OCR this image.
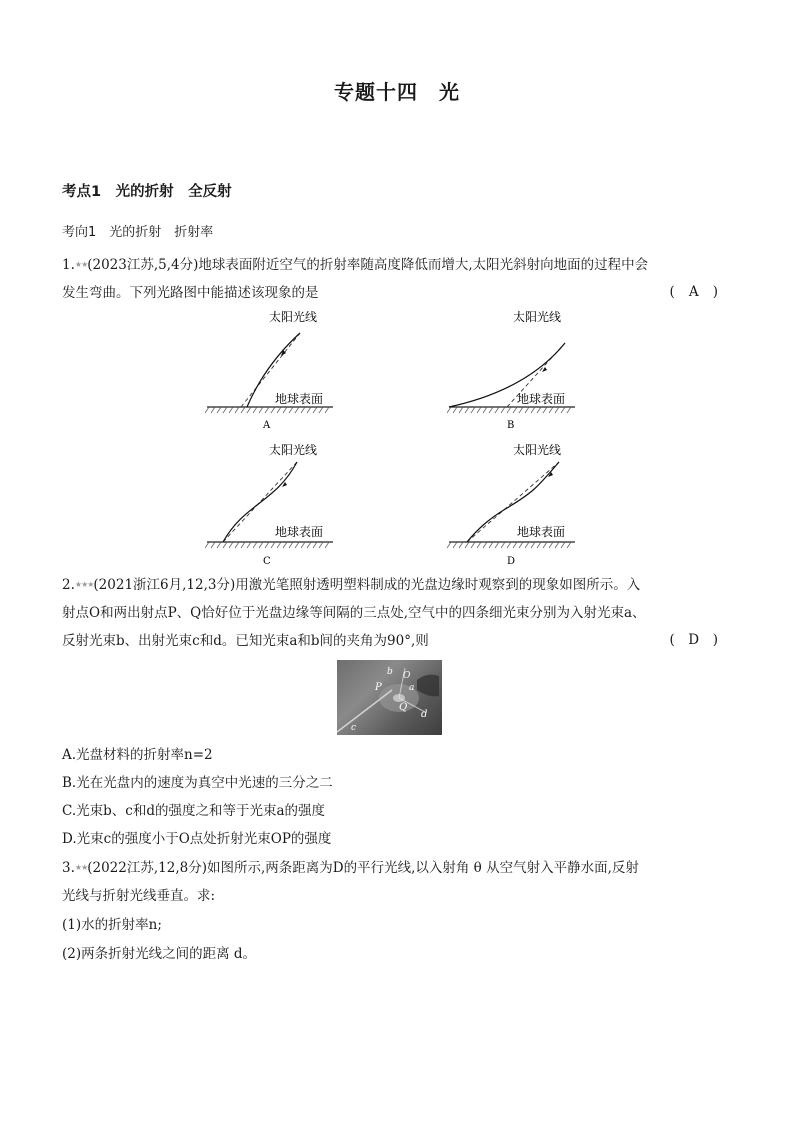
专题十四　光
考点1　光的折射　全反射
考向1　光的折射　折射率
1.★★(2023江苏,5,4分)地球表面附近空气的折射率随高度降低而增大,太阳光斜射向地面的过程中会
发生弯曲。下列光路图中能描述该现象的是	( A )
太阳光线
地球表面
A
太阳光线
地球表面
B
太阳光线
地球表面
C
太阳光线
地球表面
D
2.★★★(2021浙江6月,12,3分)用激光笔照射透明塑料制成的光盘边缘时观察到的现象如图所示。入
射点O和两出射点P、Q恰好位于光盘边缘等间隔的三点处,空气中的四条细光束分别为入射光束a、
反射光束b、出射光束c和d。已知光束a和b间的夹角为90°,则	( D )
b O
P	a
Q
d
c
A.光盘材料的折射率n=2
B.光在光盘内的速度为真空中光速的三分之二
C.光束b、c和d的强度之和等于光束a的强度
D.光束c的强度小于O点处折射光束OP的强度
3.★★(2022江苏,12,8分)如图所示,两条距离为D的平行光线,以入射角 θ 从空气射入平静水面,反射
光线与折射光线垂直。求:
(1)水的折射率n;
(2)两条折射光线之间的距离 d。
